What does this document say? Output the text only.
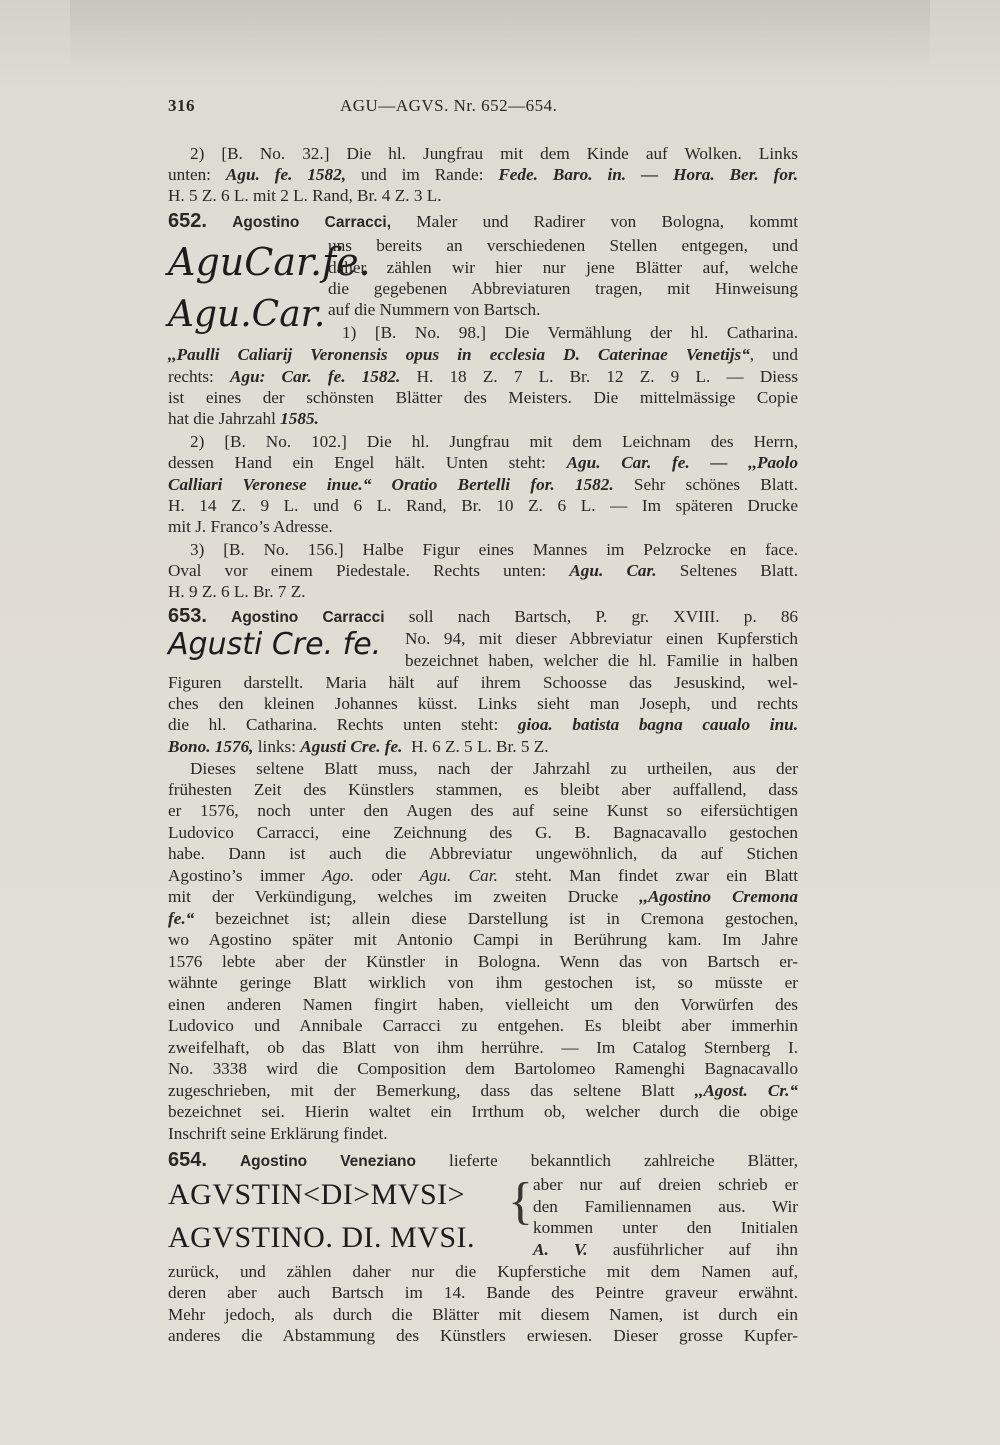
316	AGU—AGVS. Nr. 652—654.
2) [B. No. 32.] Die hl. Jungfrau mit dem Kinde auf Wolken. Links
unten: Agu. fe. 1582, und im Rande: Fede. Baro. in. — Hora. Ber. for.
H. 5 Z. 6 L. mit 2 L. Rand, Br. 4 Z. 3 L.
652. Agostino Carracci, Maler und Radirer von Bologna, kommt
AguCar.fe.
Agu.Car.
uns bereits an verschiedenen Stellen entgegen, und
daher zählen wir hier nur jene Blätter auf, welche
die gegebenen Abbreviaturen tragen, mit Hinweisung
auf die Nummern von Bartsch.
1) [B. No. 98.] Die Vermählung der hl. Catharina.
,,Paulli Caliarij Veronensis opus in ecclesia D. Caterinae Venetijs“, und
rechts: Agu: Car. fe. 1582. H. 18 Z. 7 L. Br. 12 Z. 9 L. — Diess
ist eines der schönsten Blätter des Meisters. Die mittelmässige Copie
hat die Jahrzahl 1585.
2) [B. No. 102.] Die hl. Jungfrau mit dem Leichnam des Herrn,
dessen Hand ein Engel hält. Unten steht: Agu. Car. fe. — ,,Paolo
Calliari Veronese inue.“ Oratio Bertelli for. 1582. Sehr schönes Blatt.
H. 14 Z. 9 L. und 6 L. Rand, Br. 10 Z. 6 L. — Im späteren Drucke
mit J. Franco’s Adresse.
3) [B. No. 156.] Halbe Figur eines Mannes im Pelzrocke en face.
Oval vor einem Piedestale. Rechts unten: Agu. Car. Seltenes Blatt.
H. 9 Z. 6 L. Br. 7 Z.
653. Agostino Carracci soll nach Bartsch, P. gr. XVIII. p. 86
Agusti Cre. fe. No. 94, mit dieser Abbreviatur einen Kupferstich
bezeichnet haben, welcher die hl. Familie in halben
Figuren darstellt. Maria hält auf ihrem Schoosse das Jesuskind, wel-
ches den kleinen Johannes küsst. Links sieht man Joseph, und rechts
die hl. Catharina. Rechts unten steht: gioa. batista bagna caualo inu.
Bono. 1576, links: Agusti Cre. fe. H. 6 Z. 5 L. Br. 5 Z.
Dieses seltene Blatt muss, nach der Jahrzahl zu urtheilen, aus der
frühesten Zeit des Künstlers stammen, es bleibt aber auffallend, dass
er 1576, noch unter den Augen des auf seine Kunst so eifersüchtigen
Ludovico Carracci, eine Zeichnung des G. B. Bagnacavallo gestochen
habe. Dann ist auch die Abbreviatur ungewöhnlich, da auf Stichen
Agostino’s immer Ago. oder Agu. Car. steht. Man findet zwar ein Blatt
mit der Verkündigung, welches im zweiten Drucke ,,Agostino Cremona
fe.“ bezeichnet ist; allein diese Darstellung ist in Cremona gestochen,
wo Agostino später mit Antonio Campi in Berührung kam. Im Jahre
1576 lebte aber der Künstler in Bologna. Wenn das von Bartsch er-
wähnte geringe Blatt wirklich von ihm gestochen ist, so müsste er
einen anderen Namen fingirt haben, vielleicht um den Vorwürfen des
Ludovico und Annibale Carracci zu entgehen. Es bleibt aber immerhin
zweifelhaft, ob das Blatt von ihm herrühre. — Im Catalog Sternberg I.
No. 3338 wird die Composition dem Bartolomeo Ramenghi Bagnacavallo
zugeschrieben, mit der Bemerkung, dass das seltene Blatt ,,Agost. Cr.“
bezeichnet sei. Hierin waltet ein Irrthum ob, welcher durch die obige
Inschrift seine Erklärung findet.
654. Agostino Veneziano lieferte bekanntlich zahlreiche Blätter,
AGVSTIN<DI>MVSI>
AGVSTINO. DI. MVSI.
{ aber nur auf dreien schrieb er
den Familiennamen aus. Wir
kommen unter den Initialen
A. V. ausführlicher auf ihn
zurück, und zählen daher nur die Kupferstiche mit dem Namen auf,
deren aber auch Bartsch im 14. Bande des Peintre graveur erwähnt.
Mehr jedoch, als durch die Blätter mit diesem Namen, ist durch ein
anderes die Abstammung des Künstlers erwiesen. Dieser grosse Kupfer-
